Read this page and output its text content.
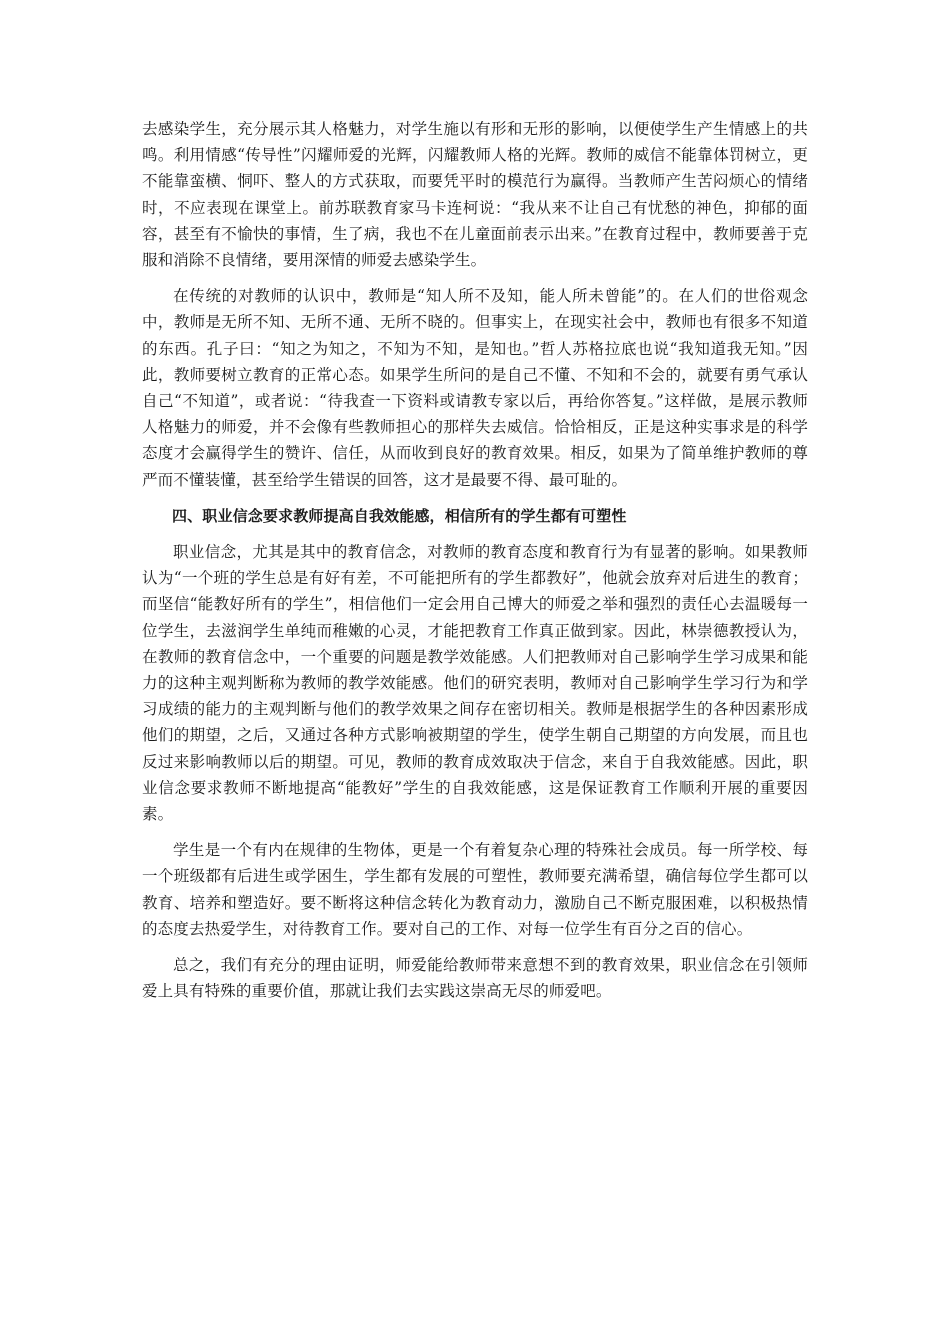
去感染学生，充分展示其人格魅力，对学生施以有形和无形的影响，以便使学生产生情感上的共鸣。利用情感“传导性”闪耀师爱的光辉，闪耀教师人格的光辉。教师的威信不能靠体罚树立，更不能靠蛮横、恫吓、整人的方式获取，而要凭平时的模范行为赢得。当教师产生苦闷烦心的情绪时，不应表现在课堂上。前苏联教育家马卡连柯说：“我从来不让自己有忧愁的神色，抑郁的面容，甚至有不愉快的事情，生了病，我也不在儿童面前表示出来。”在教育过程中，教师要善于克服和消除不良情绪，要用深情的师爱去感染学生。

在传统的对教师的认识中，教师是“知人所不及知，能人所未曾能”的。在人们的世俗观念中，教师是无所不知、无所不通、无所不晓的。但事实上，在现实社会中，教师也有很多不知道的东西。孔子曰：“知之为知之，不知为不知，是知也。”哲人苏格拉底也说“我知道我无知。”因此，教师要树立教育的正常心态。如果学生所问的是自己不懂、不知和不会的，就要有勇气承认自己“不知道”，或者说：“待我查一下资料或请教专家以后，再给你答复。”这样做，是展示教师人格魅力的师爱，并不会像有些教师担心的那样失去威信。恰恰相反，正是这种实事求是的科学态度才会赢得学生的赞许、信任，从而收到良好的教育效果。相反，如果为了简单维护教师的尊严而不懂装懂，甚至给学生错误的回答，这才是最要不得、最可耻的。

四、职业信念要求教师提高自我效能感，相信所有的学生都有可塑性

职业信念，尤其是其中的教育信念，对教师的教育态度和教育行为有显著的影响。如果教师认为“一个班的学生总是有好有差，不可能把所有的学生都教好”，他就会放弃对后进生的教育；而坚信“能教好所有的学生”，相信他们一定会用自己博大的师爱之举和强烈的责任心去温暖每一位学生，去滋润学生单纯而稚嫩的心灵，才能把教育工作真正做到家。因此，林崇德教授认为，在教师的教育信念中，一个重要的问题是教学效能感。人们把教师对自己影响学生学习成果和能力的这种主观判断称为教师的教学效能感。他们的研究表明，教师对自己影响学生学习行为和学习成绩的能力的主观判断与他们的教学效果之间存在密切相关。教师是根据学生的各种因素形成他们的期望，之后，又通过各种方式影响被期望的学生，使学生朝自己期望的方向发展，而且也反过来影响教师以后的期望。可见，教师的教育成效取决于信念，来自于自我效能感。因此，职业信念要求教师不断地提高“能教好”学生的自我效能感，这是保证教育工作顺利开展的重要因素。

学生是一个有内在规律的生物体，更是一个有着复杂心理的特殊社会成员。每一所学校、每一个班级都有后进生或学困生，学生都有发展的可塑性，教师要充满希望，确信每位学生都可以教育、培养和塑造好。要不断将这种信念转化为教育动力，激励自己不断克服困难，以积极热情的态度去热爱学生，对待教育工作。要对自己的工作、对每一位学生有百分之百的信心。

总之，我们有充分的理由证明，师爱能给教师带来意想不到的教育效果，职业信念在引领师爱上具有特殊的重要价值，那就让我们去实践这崇高无尽的师爱吧。
